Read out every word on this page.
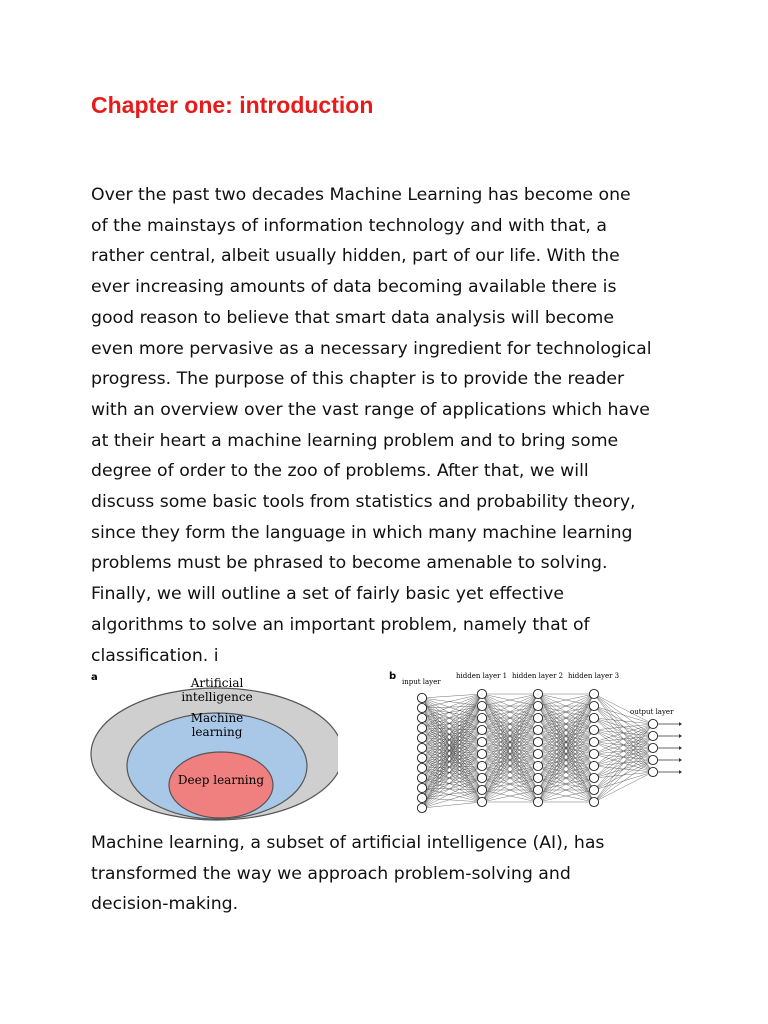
Chapter one: introduction
Over the past two decades Machine Learning has become one
of the mainstays of information technology and with that, a
rather central, albeit usually hidden, part of our life. With the
ever increasing amounts of data becoming available there is
good reason to believe that smart data analysis will become
even more pervasive as a necessary ingredient for technological
progress. The purpose of this chapter is to provide the reader
with an overview over the vast range of applications which have
at their heart a machine learning problem and to bring some
degree of order to the zoo of problems. After that, we will
discuss some basic tools from statistics and probability theory,
since they form the language in which many machine learning
problems must be phrased to become amenable to solving.
Finally, we will outline a set of fairly basic yet effective
algorithms to solve an important problem, namely that of
classification. i
a	Artificial
intelligence
Machine
learning
Deep learning
b input layer
hidden layer 1 hidden layer 2 hidden layer 3
output layer
Machine learning, a subset of artificial intelligence (AI), has
transformed the way we approach problem-solving and
decision-making.
